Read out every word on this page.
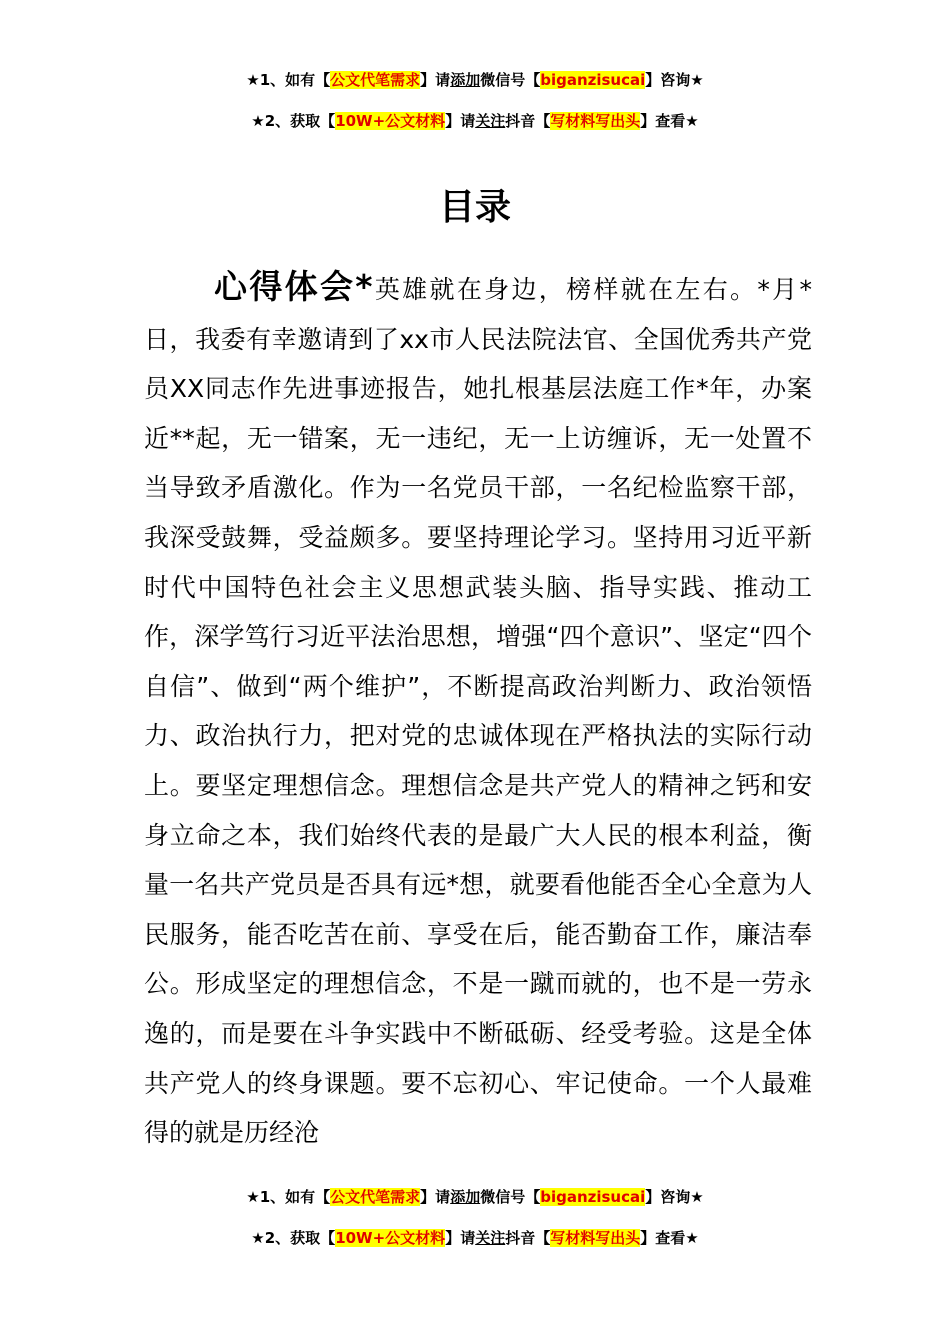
★1、如有【公文代笔需求】请添加微信号【biganzisucai】咨询★
★2、获取【10W+公文材料】请关注抖音【写材料写出头】查看★
目录
心得体会*英雄就在身边，榜样就在左右。*月*日，我委有幸邀请到了xx市人民法院法官、全国优秀共产党员XX同志作先进事迹报告，她扎根基层法庭工作*年，办案近**起，无一错案，无一违纪，无一上访缠诉，无一处置不当导致矛盾激化。作为一名党员干部，一名纪检监察干部，我深受鼓舞，受益颇多。要坚持理论学习。坚持用习近平新时代中国特色社会主义思想武装头脑、指导实践、推动工作，深学笃行习近平法治思想，增强“四个意识”、坚定“四个自信”、做到“两个维护”，不断提高政治判断力、政治领悟力、政治执行力，把对党的忠诚体现在严格执法的实际行动上。要坚定理想信念。理想信念是共产党人的精神之钙和安身立命之本，我们始终代表的是最广大人民的根本利益，衡量一名共产党员是否具有远*想，就要看他能否全心全意为人民服务，能否吃苦在前、享受在后，能否勤奋工作，廉洁奉公。形成坚定的理想信念，不是一蹴而就的，也不是一劳永逸的，而是要在斗争实践中不断砥砺、经受考验。这是全体共产党人的终身课题。要不忘初心、牢记使命。一个人最难得的就是历经沧
★1、如有【公文代笔需求】请添加微信号【biganzisucai】咨询★
★2、获取【10W+公文材料】请关注抖音【写材料写出头】查看★
